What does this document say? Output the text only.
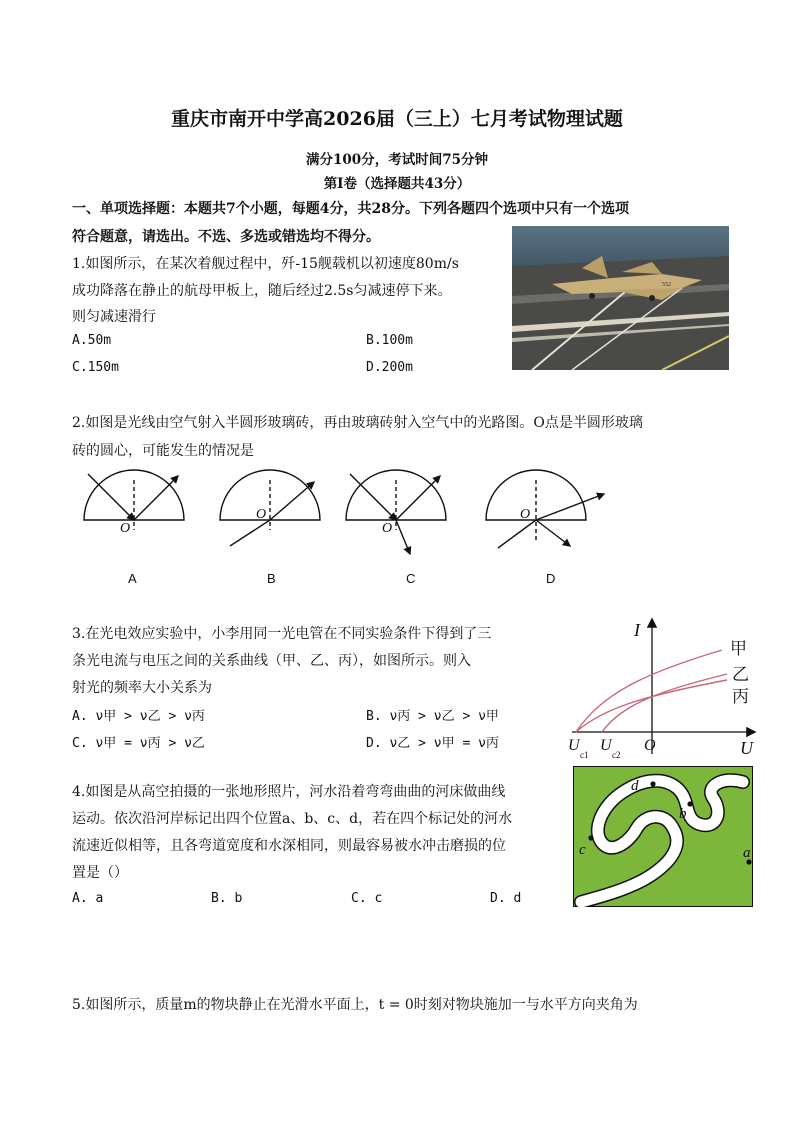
重庆市南开中学高2026届（三上）七月考试物理试题
满分100分，考试时间75分钟
第Ⅰ卷（选择题共43分）
一、单项选择题：本题共7个小题，每题4分，共28分。下列各题四个选项中只有一个选项
符合题意，请选出。不选、多选或错选均不得分。
1.如图所示，在某次着舰过程中，歼-15舰载机以初速度80m/s
成功降落在静止的航母甲板上，随后经过2.5s匀减速停下来。
则匀减速滑行
A.50m	B.100m
C.150m	D.200m
552
2.如图是光线由空气射入半圆形玻璃砖，再由玻璃砖射入空气中的光路图。O点是半圆形玻璃
砖的圆心，可能发生的情况是
O
O
O
O
A	B	C	D
3.在光电效应实验中，小李用同一光电管在不同实验条件下得到了三
条光电流与电压之间的关系曲线（甲、乙、丙），如图所示。则入
射光的频率大小关系为
A. ν甲 > ν乙 > ν丙	B. ν丙 > ν乙 > ν甲
C. ν甲 = ν丙 > ν乙	D. ν乙 > ν甲 = ν丙
I
U
O
U
c1
U
c2
甲
乙
丙
4.如图是从高空拍摄的一张地形照片，河水沿着弯弯曲曲的河床做曲线
运动。依次沿河岸标记出四个位置a、b、c、d，若在四个标记处的河水
流速近似相等，且各弯道宽度和水深相同，则最容易被水冲击磨损的位
置是（）
A. a	B. b	C. c	D. d
a
b
c
d
5.如图所示，质量m的物块静止在光滑水平面上，t = 0时刻对物块施加一与水平方向夹角为
